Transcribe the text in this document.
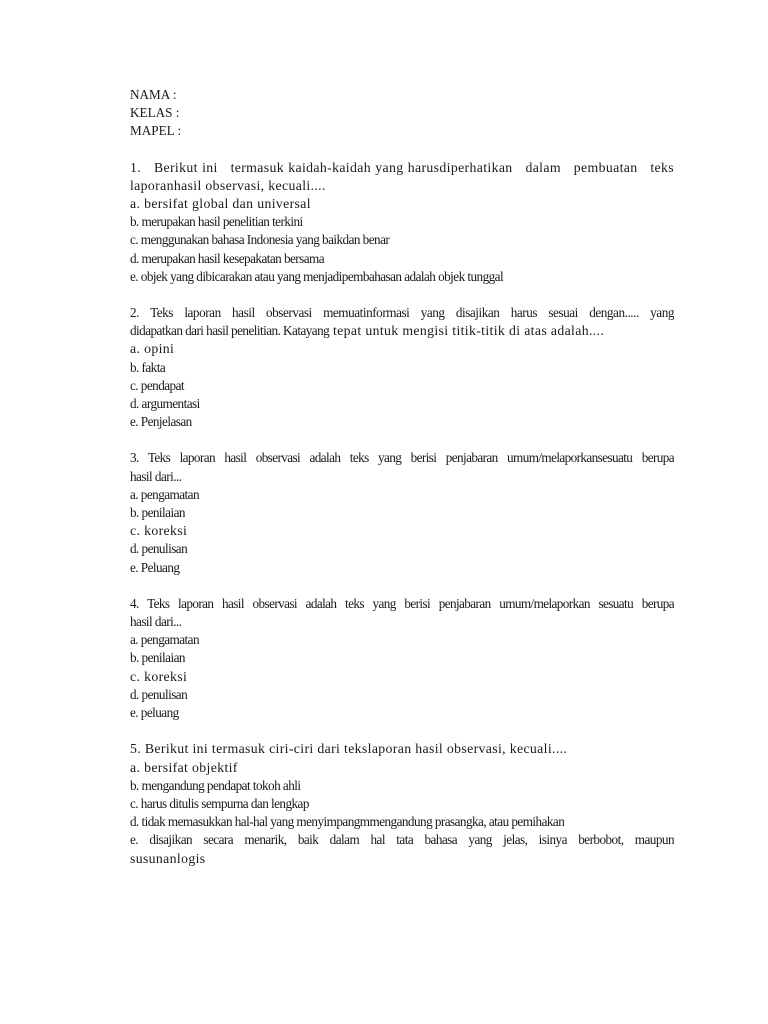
NAMA :
KELAS :
MAPEL :
1.   Berikut ini   termasuk kaidah-kaidah yang harusdiperhatikan   dalam   pembuatan   teks
laporanhasil observasi, kecuali....
a. bersifat global dan universal
b. merupakan hasil penelitian terkini
c. menggunakan bahasa Indonesia yang baikdan benar
d. merupakan hasil kesepakatan bersama
e. objek yang dibicarakan atau yang menjadipembahasan adalah objek tunggal
2. Teks laporan hasil observasi memuatinformasi yang disajikan harus sesuai dengan..... yang
didapatkan dari hasil penelitian. Katayang tepat untuk mengisi titik-titik di atas adalah....
a. opini
b. fakta
c. pendapat
d. argumentasi
e. Penjelasan
3. Teks laporan hasil observasi adalah teks yang berisi penjabaran umum/melaporkansesuatu berupa
hasil dari...
a. pengamatan
b. penilaian
c. koreksi
d. penulisan
e. Peluang
4. Teks laporan hasil observasi adalah teks yang berisi penjabaran umum/melaporkan sesuatu berupa
hasil dari...
a. pengamatan
b. penilaian
c. koreksi
d. penulisan
e. peluang
5. Berikut ini termasuk ciri-ciri dari tekslaporan hasil observasi, kecuali....
a. bersifat objektif
b. mengandung pendapat tokoh ahli
c. harus ditulis sempurna dan lengkap
d. tidak memasukkan hal-hal yang menyimpangmmengandung prasangka, atau pemihakan
e.   disajikan   secara   menarik,   baik   dalam   hal   tata   bahasa   yang   jelas,   isinya   berbobot,   maupun
susunanlogis
